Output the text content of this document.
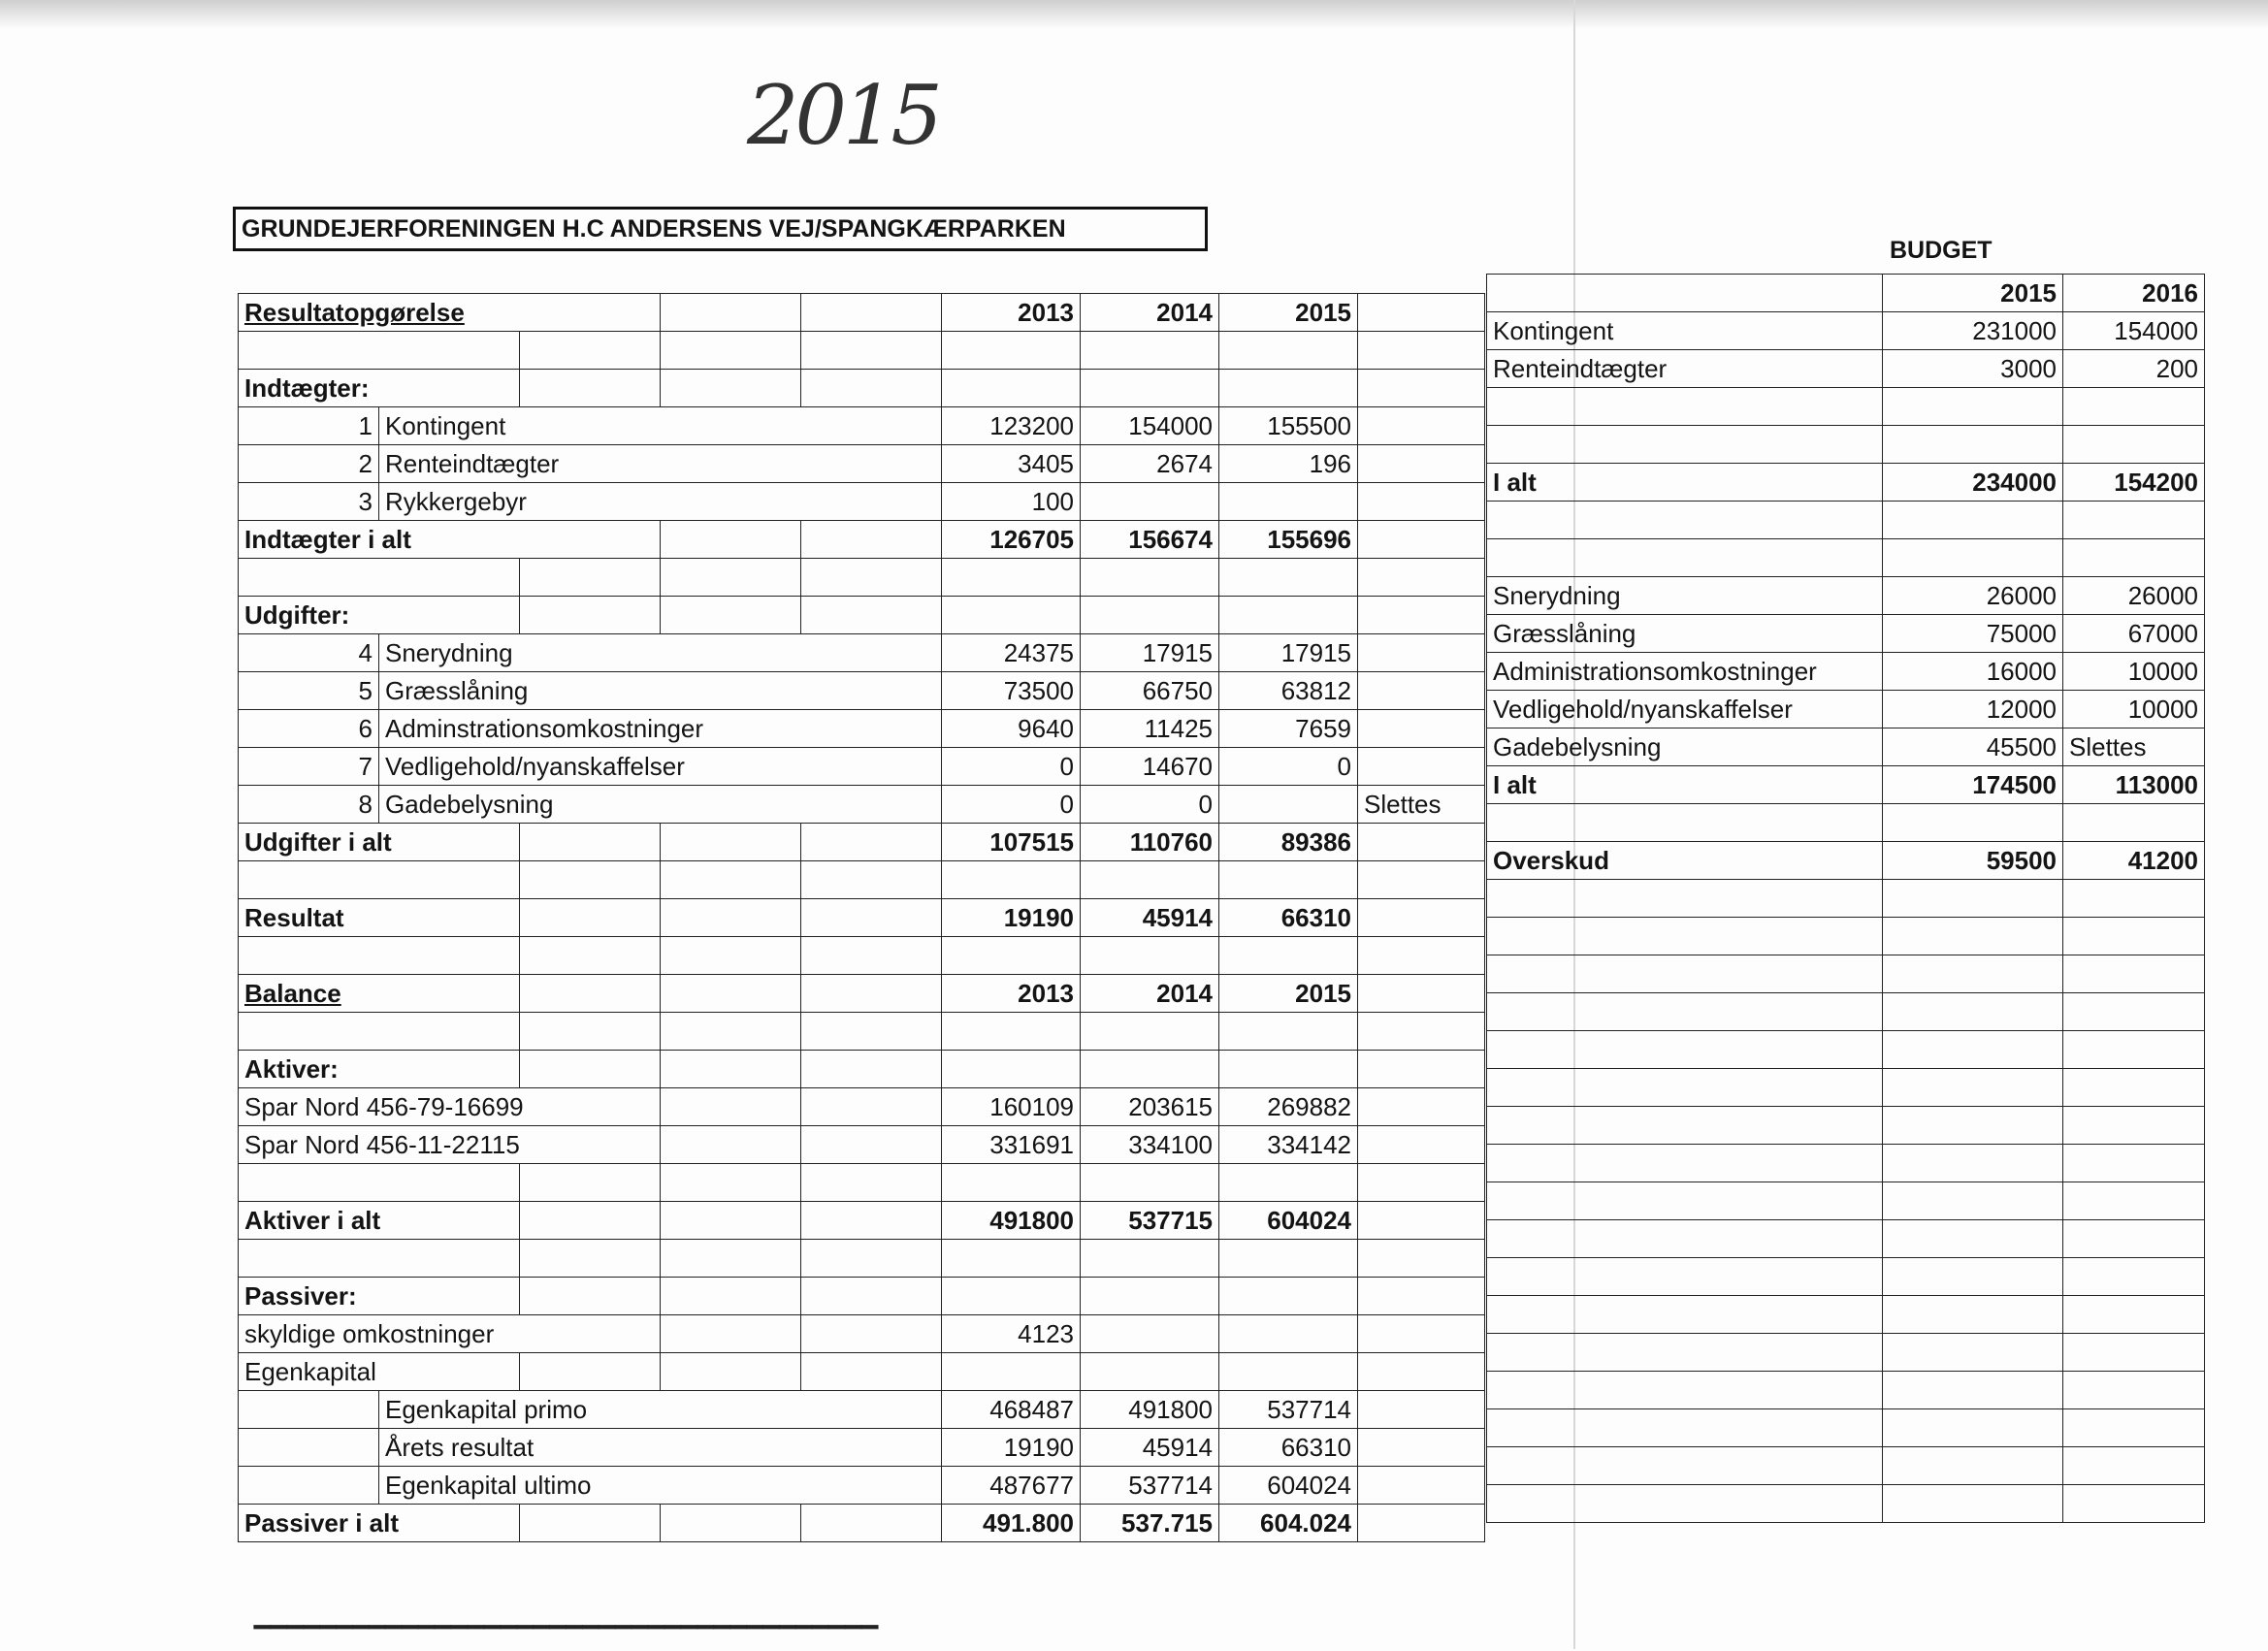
2015
GRUNDEJERFORENINGEN H.C ANDERSENS VEJ/SPANGKÆRPARKEN
BUDGET
Resultatopgørelse					2013	2014	2015	

Indtægter:								
1	Kontingent				123200	154000	155500	
2	Renteindtægter				3405	2674	196	
3	Rykkergebyr				100			
Indtægter i alt					126705	156674	155696	

Udgifter:								
4	Snerydning				24375	17915	17915	
5	Græsslåning				73500	66750	63812	
6	Adminstrationsomkostninger				9640	11425	7659	
7	Vedligehold/nyanskaffelser				0	14670	0	
8	Gadebelysning				0	0		Slettes
Udgifter i alt					107515	110760	89386	

Resultat					19190	45914	66310	

Balance					2013	2014	2015	

Aktiver:								
Spar Nord 456-79-16699					160109	203615	269882	
Spar Nord 456-11-22115					331691	334100	334142	

Aktiver i alt					491800	537715	604024	

Passiver:								
skyldige omkostninger					4123			
Egenkapital								
	Egenkapital primo				468487	491800	537714	
	Årets resultat				19190	45914	66310	
	Egenkapital ultimo				487677	537714	604024	
Passiver i alt					491.800	537.715	604.024	
	2015	2016
Kontingent	231000	154000
Renteindtægter	3000	200

I alt	234000	154200

Snerydning	26000	26000
Græsslåning	75000	67000
Administrationsomkostninger	16000	10000
Vedligehold/nyanskaffelser	12000	10000
Gadebelysning	45500	Slettes
I alt	174500	113000

Overskud	59500	41200

▔▔▔▔▔▔▔▔▔▔▔▔▔▔▔▔▔▔▔▔▔▔▔▔▔▔▔▔▔▔▔▔▔▔▔▔▔▔
